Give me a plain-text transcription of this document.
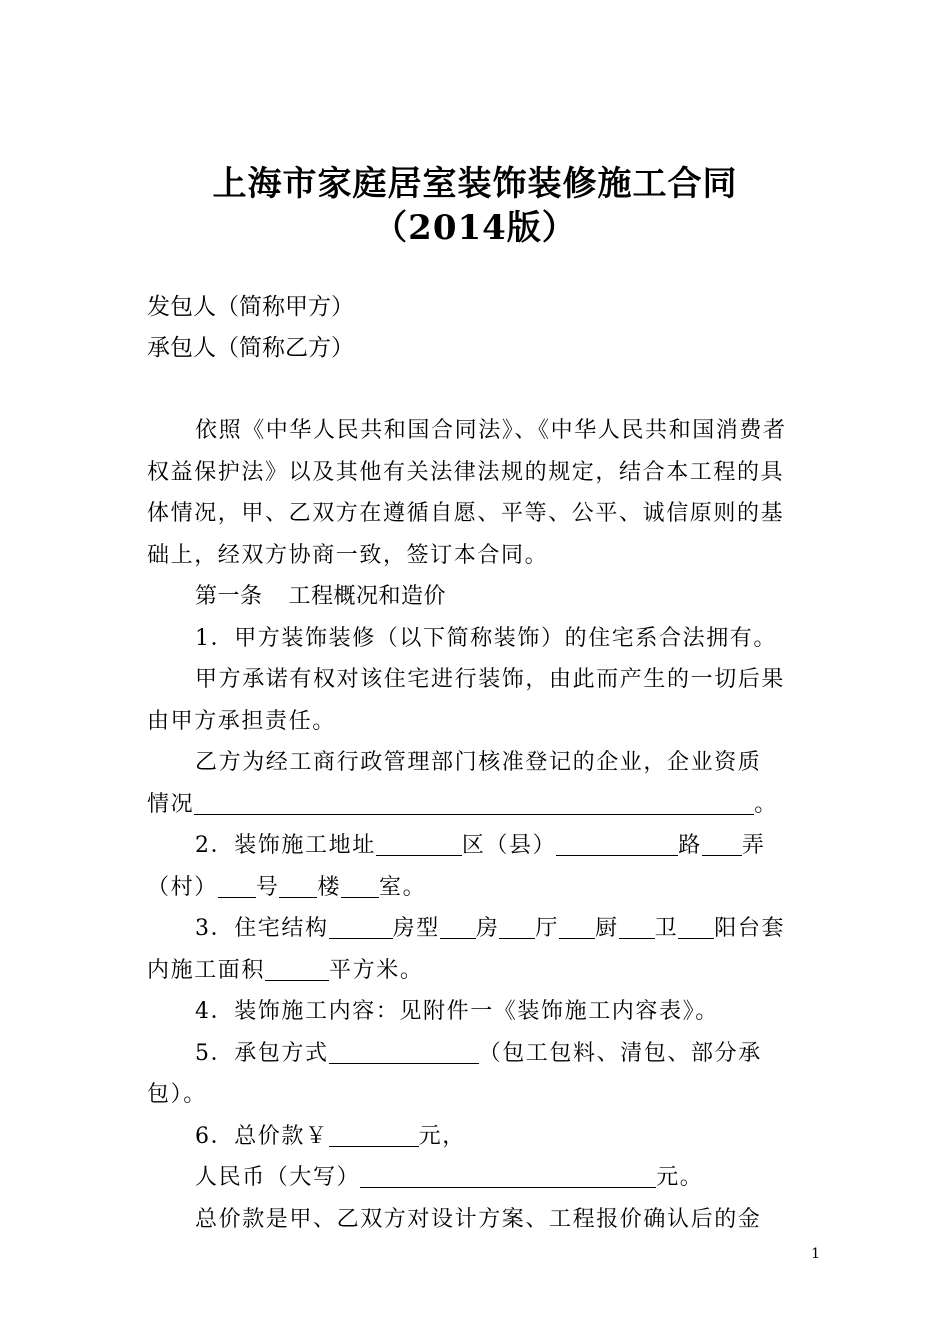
上海市家庭居室装饰装修施工合同
（2014版）
发包人（简称甲方）
承包人（简称乙方）

依照《中华人民共和国合同法》、《中华人民共和国消费者权益保护法》以及其他有关法律法规的规定，结合本工程的具体情况，甲、乙双方在遵循自愿、平等、公平、诚信原则的基础上，经双方协商一致，签订本合同。

第一条 工程概况和造价

1．甲方装饰装修（以下简称装饰）的住宅系合法拥有。

甲方承诺有权对该住宅进行装饰，由此而产生的一切后果由甲方承担责任。

乙方为经工商行政管理部门核准登记的企业，企业资质

情况	。

2．装饰施工地址	区（县）	路 弄（村） 号 楼 室。

3．住宅结构	房型 房 厅 厨 卫 阳台套内施工面积	平方米。

4．装饰施工内容：见附件一《装饰施工内容表》。

5．承包方式	（包工包料、清包、部分承包）。

6．总价款￥	元，

人民币（大写）	元。

总价款是甲、乙双方对设计方案、工程报价确认后的金

1
